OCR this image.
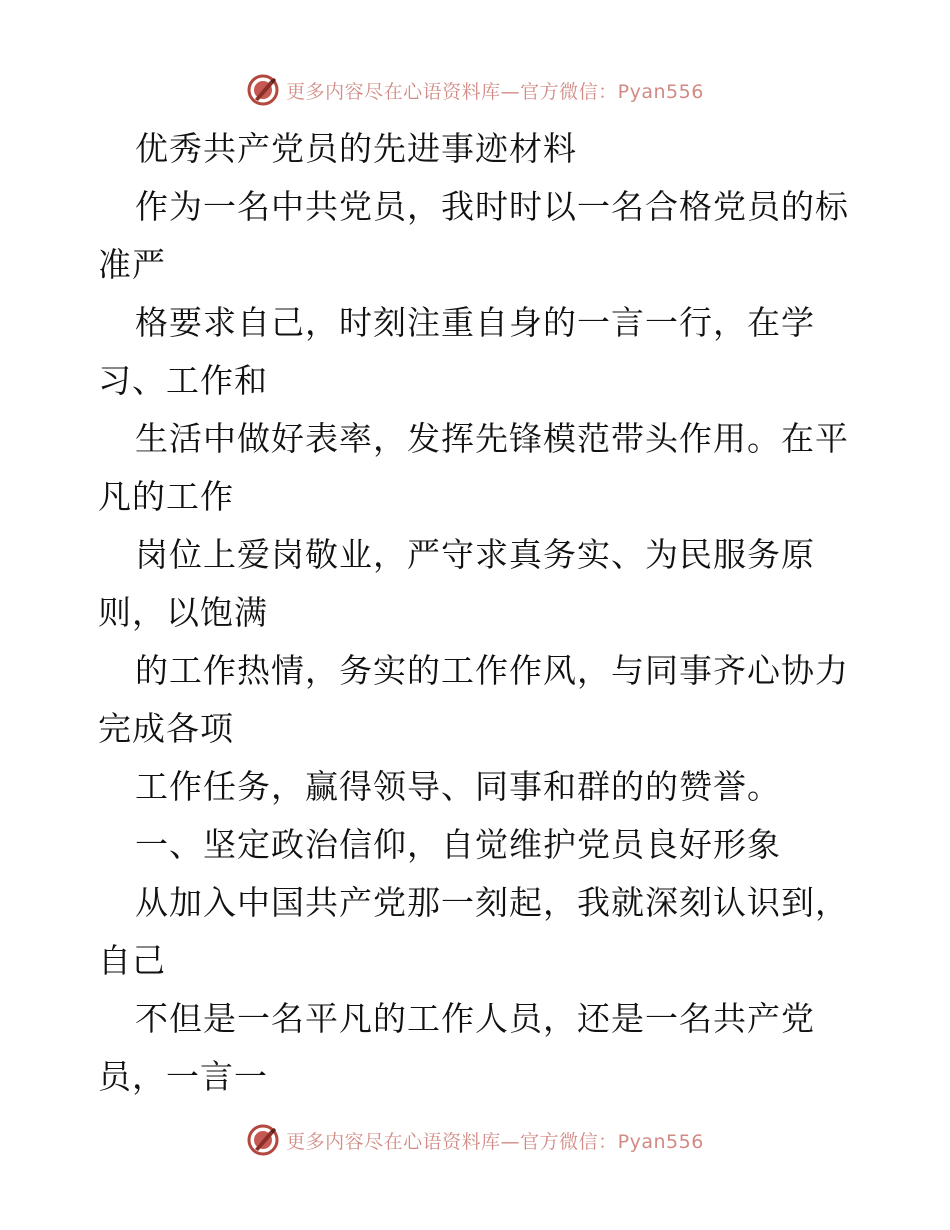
更多内容尽在心语资料库—官方微信：Pyan556
优秀共产党员的先进事迹材料
作为一名中共党员，我时时以一名合格党员的标
准严
格要求自己，时刻注重自身的一言一行，在学
习、工作和
生活中做好表率，发挥先锋模范带头作用。在平
凡的工作
岗位上爱岗敬业，严守求真务实、为民服务原
则，以饱满
的工作热情，务实的工作作风，与同事齐心协力
完成各项
工作任务，赢得领导、同事和群的的赞誉。
一、坚定政治信仰，自觉维护党员良好形象
从加入中国共产党那一刻起，我就深刻认识到，
自己
不但是一名平凡的工作人员，还是一名共产党
员，一言一
更多内容尽在心语资料库—官方微信：Pyan556
